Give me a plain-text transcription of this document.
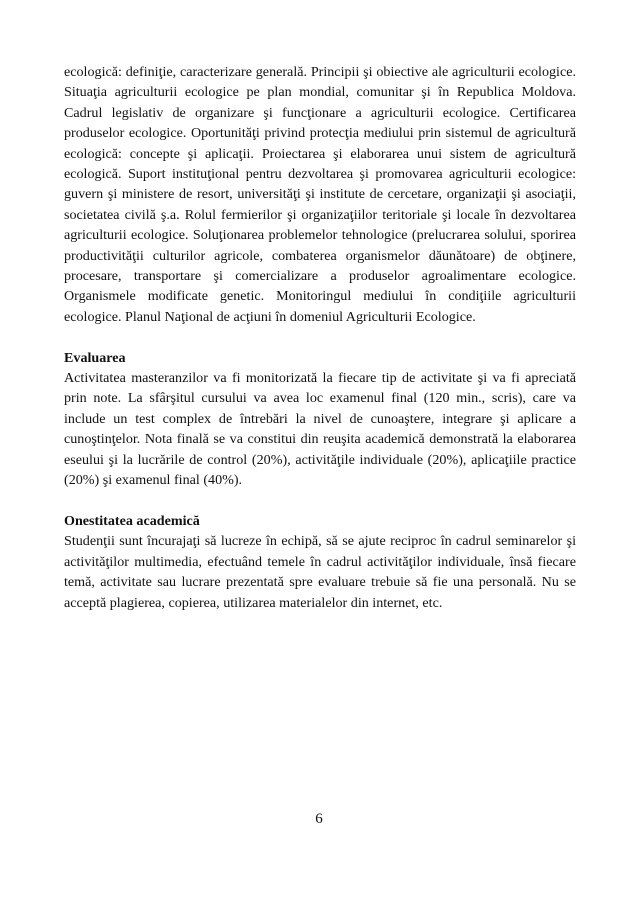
ecologică: definiţie, caracterizare generală. Principii şi obiective ale agriculturii ecologice. Situaţia agriculturii ecologice pe plan mondial, comunitar şi în Republica Moldova. Cadrul legislativ de organizare şi funcţionare a agriculturii ecologice. Certificarea produselor ecologice. Oportunităţi privind protecţia mediului prin sistemul de agricultură ecologică: concepte şi aplicaţii. Proiectarea şi elaborarea unui sistem de agricultură ecologică. Suport instituţional pentru dezvoltarea şi promovarea agriculturii ecologice: guvern şi ministere de resort, universităţi şi institute de cercetare, organizaţii şi asociaţii, societatea civilă ş.a. Rolul fermierilor şi organizaţiilor teritoriale şi locale în dezvoltarea agriculturii ecologice. Soluţionarea problemelor tehnologice (prelucrarea solului, sporirea productivităţii culturilor agricole, combaterea organismelor dăunătoare) de obţinere, procesare, transportare şi comercializare a produselor agroalimentare ecologice. Organismele modificate genetic. Monitoringul mediului în condiţiile agriculturii ecologice. Planul Naţional de acţiuni în domeniul Agriculturii Ecologice.

Evaluarea

Activitatea masteranzilor va fi monitorizată la fiecare tip de activitate şi va fi apreciată prin note. La sfârşitul cursului va avea loc examenul final (120 min., scris), care va include un test complex de întrebări la nivel de cunoaştere, integrare şi aplicare a cunoştinţelor. Nota finală se va constitui din reuşita academică demonstrată la elaborarea eseului şi la lucrările de control (20%), activităţile individuale (20%), aplicaţiile practice (20%) şi examenul final (40%).

Onestitatea academică

Studenţii sunt încurajaţi să lucreze în echipă, să se ajute reciproc în cadrul seminarelor şi activităţilor multimedia, efectuând temele în cadrul activităţilor individuale, însă fiecare temă, activitate sau lucrare prezentată spre evaluare trebuie să fie una personală. Nu se acceptă plagierea, copierea, utilizarea materialelor din internet, etc.

6
